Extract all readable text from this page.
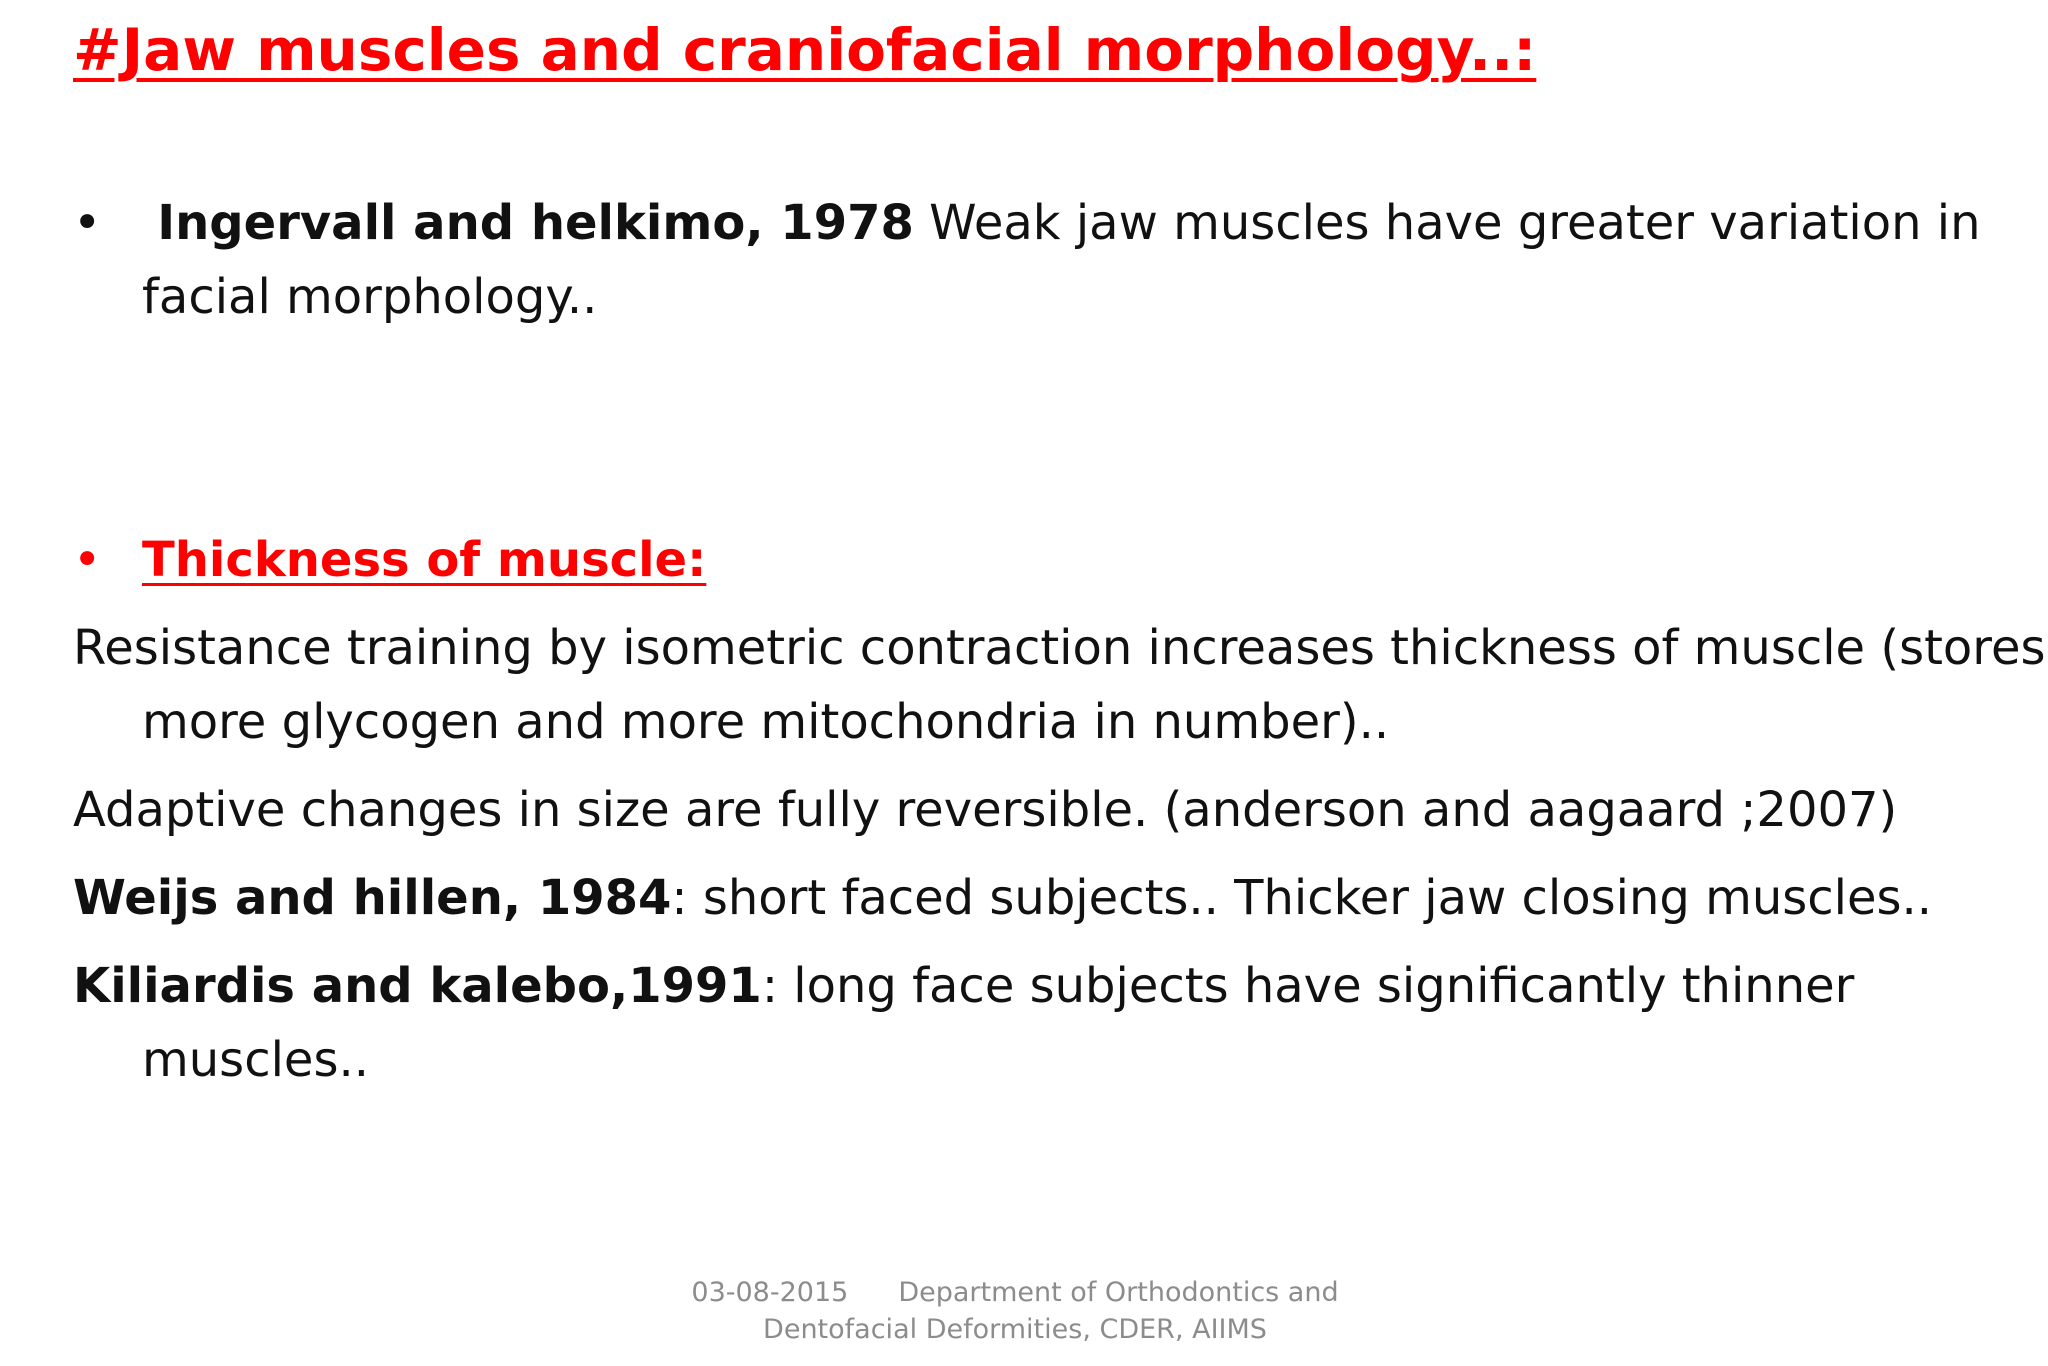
#Jaw muscles and craniofacial morphology..:
• Ingervall and helkimo, 1978 Weak jaw muscles have greater variation in facial morphology..
• Thickness of muscle:
Resistance training by isometric contraction increases thickness of muscle (stores more glycogen and more mitochondria in number)..
Adaptive changes in size are fully reversible. (anderson and aagaard ;2007)
Weijs and hillen, 1984: short faced subjects.. Thicker jaw closing muscles..
Kiliardis and kalebo,1991: long face subjects have significantly thinner muscles..
03-08-2015 Department of Orthodontics and
Dentofacial Deformities, CDER, AIIMS
